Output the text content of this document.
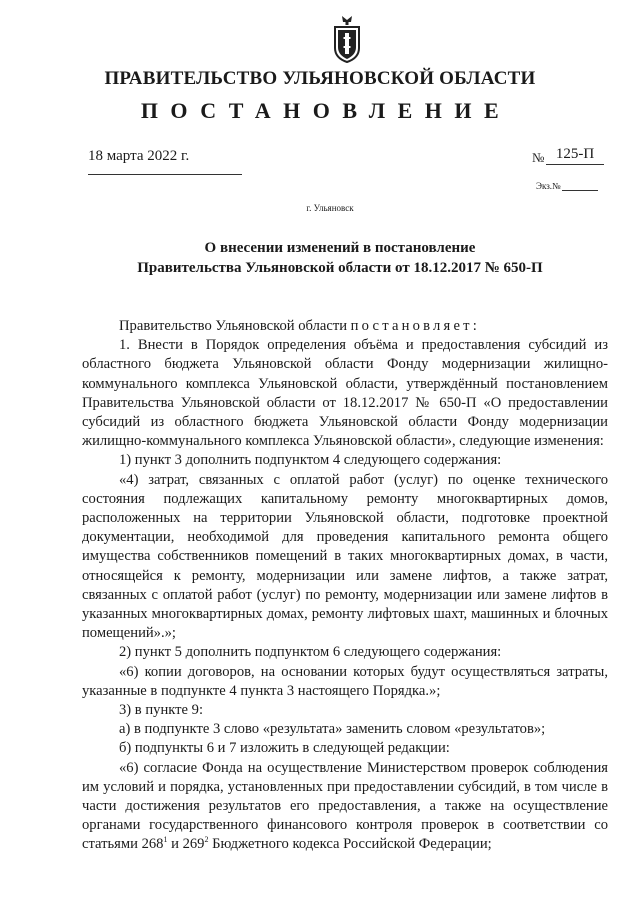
ПРАВИТЕЛЬСТВО УЛЬЯНОВСКОЙ ОБЛАСТИ
ПОСТАНОВЛЕНИЕ
18 марта 2022 г.	№ 125-П
Экз.№
г. Ульяновск
О внесении изменений в постановление
Правительства Ульяновской области от 18.12.2017 № 650-П

Правительство Ульяновской области постановляет:

1. Внести в Порядок определения объёма и предоставления субсидий из областного бюджета Ульяновской области Фонду модернизации жилищно-коммунального комплекса Ульяновской области, утверждённый постановлением Правительства Ульяновской области от 18.12.2017 № 650-П «О предоставлении субсидий из областного бюджета Ульяновской области Фонду модернизации жилищно-коммунального комплекса Ульяновской области», следующие изменения:

1) пункт 3 дополнить подпунктом 4 следующего содержания:

«4) затрат, связанных с оплатой работ (услуг) по оценке технического состояния подлежащих капитальному ремонту многоквартирных домов, расположенных на территории Ульяновской области, подготовке проектной документации, необходимой для проведения капитального ремонта общего имущества собственников помещений в таких многоквартирных домах, в части, относящейся к ремонту, модернизации или замене лифтов, а также затрат, связанных с оплатой работ (услуг) по ремонту, модернизации или замене лифтов в указанных многоквартирных домах, ремонту лифтовых шахт, машинных и блочных помещений».»;

2) пункт 5 дополнить подпунктом 6 следующего содержания:

«6) копии договоров, на основании которых будут осуществляться затраты, указанные в подпункте 4 пункта 3 настоящего Порядка.»;

3) в пункте 9:

а) в подпункте 3 слово «результата» заменить словом «результатов»;

б) подпункты 6 и 7 изложить в следующей редакции:

«6) согласие Фонда на осуществление Министерством проверок соблюдения им условий и порядка, установленных при предоставлении субсидий, в том числе в части достижения результатов его предоставления, а также на осуществление органами государственного финансового контроля проверок в соответствии со статьями $268^1$ и $269^2$ Бюджетного кодекса Российской Федерации;
